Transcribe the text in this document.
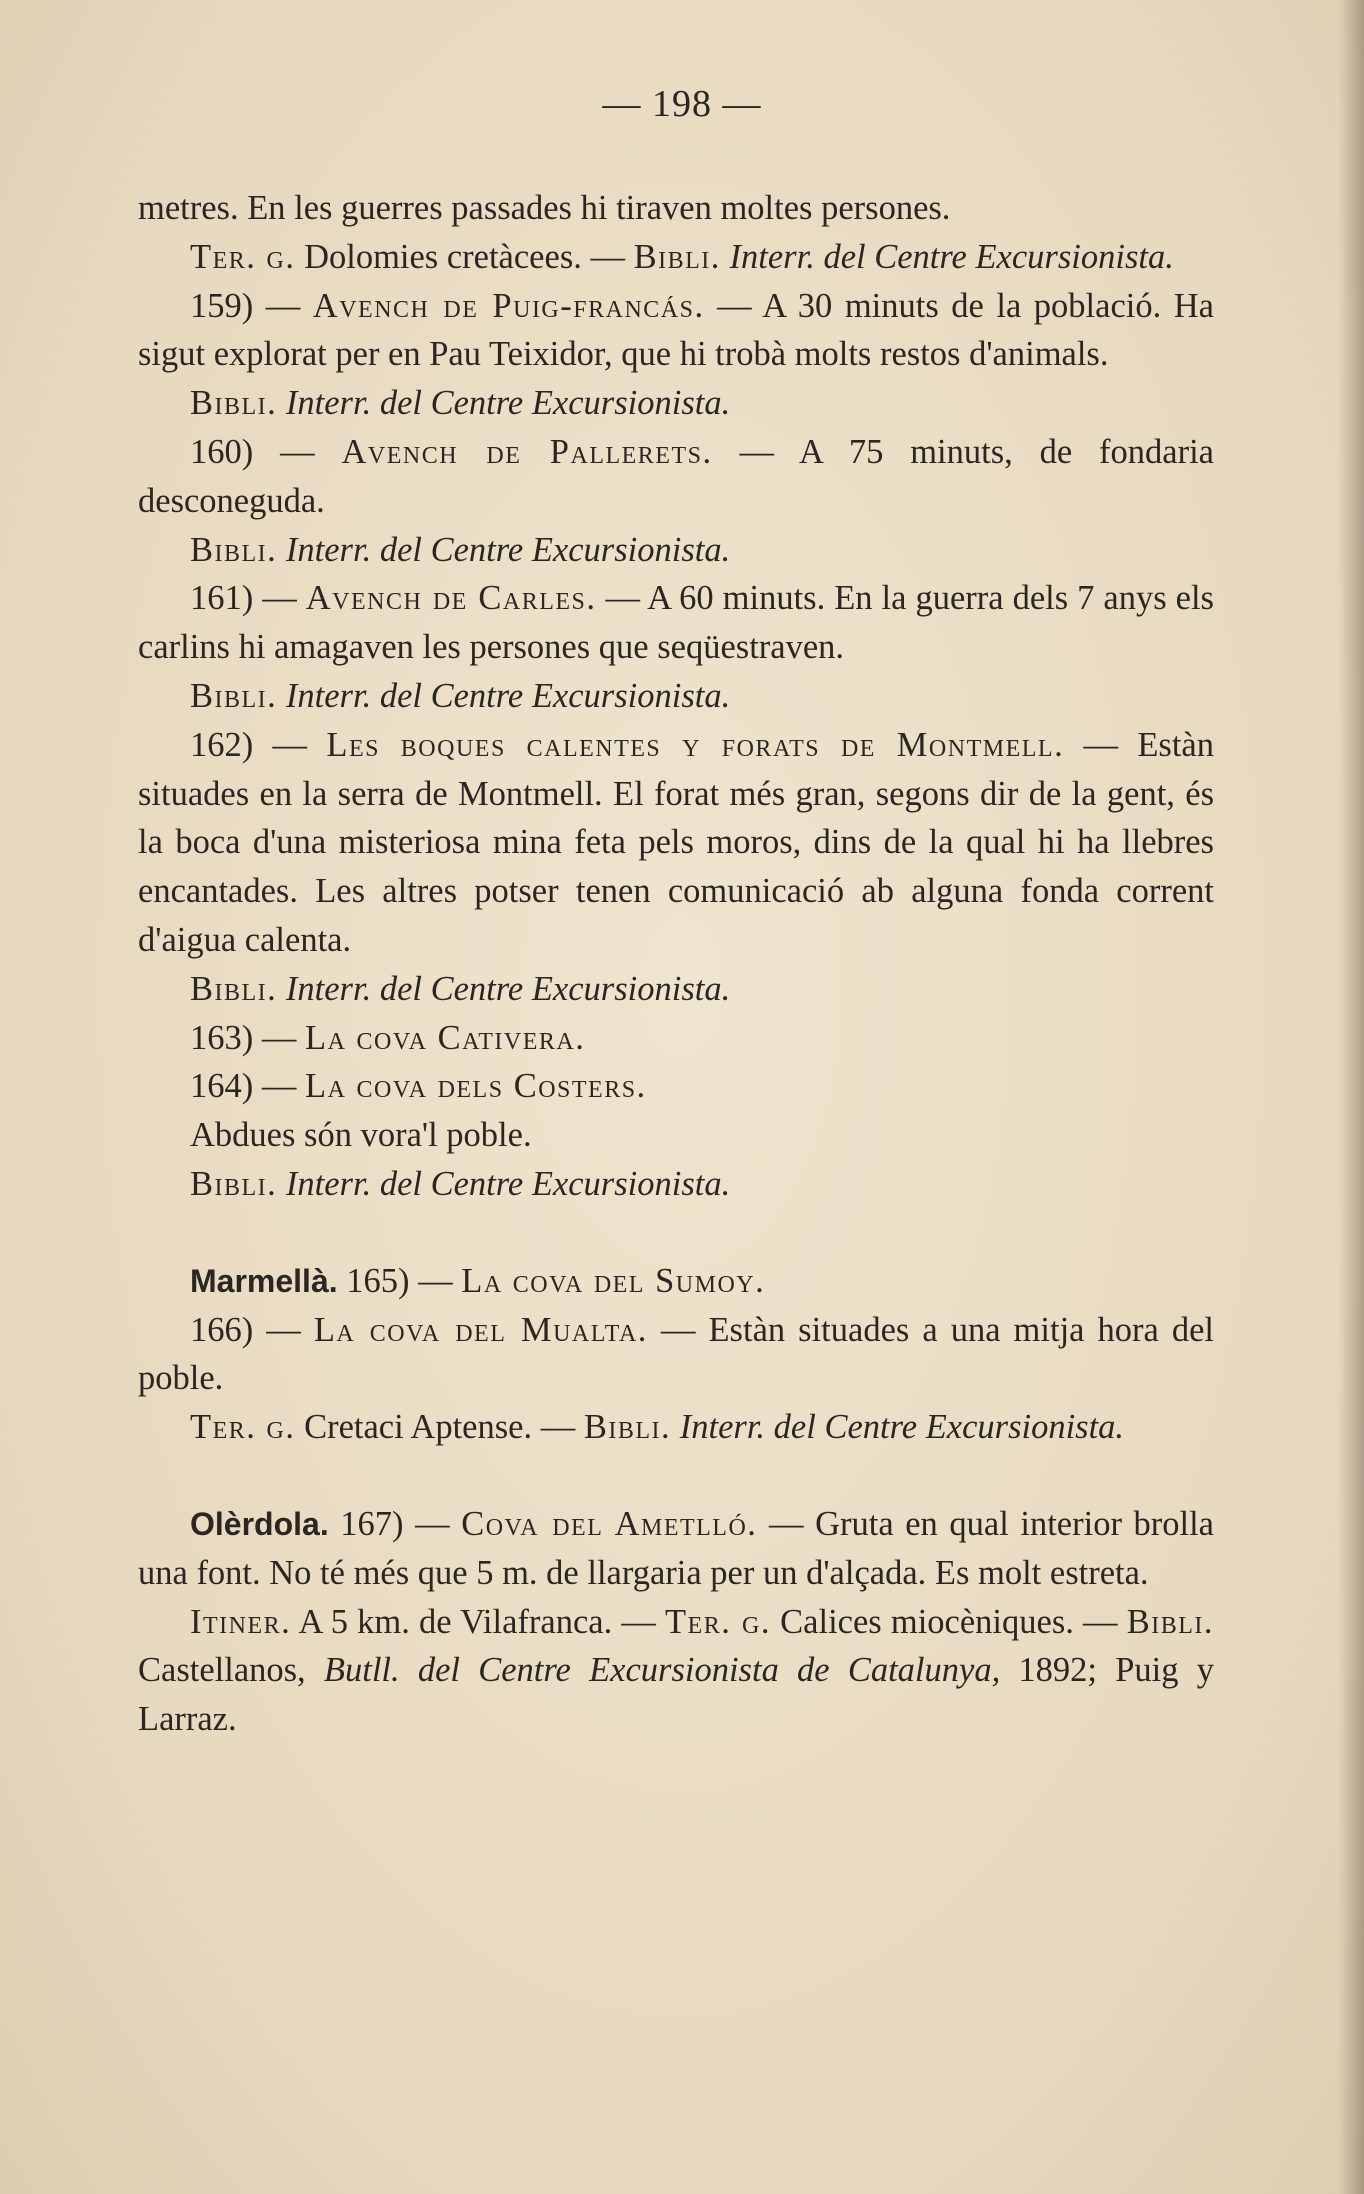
— 198 —

metres. En les guerres passades hi tiraven moltes persones.

Ter. g. Dolomies cretàcees. — Bibli. Interr. del Centre Excursionista.

159) — Avench de Puig-francás. — A 30 minuts de la població. Ha sigut explorat per en Pau Teixidor, que hi trobà molts restos d'animals.

Bibli. Interr. del Centre Excursionista.

160) — Avench de Pallerets. — A 75 minuts, de fondaria desconeguda.

Bibli. Interr. del Centre Excursionista.

161) — Avench de Carles. — A 60 minuts. En la guerra dels 7 anys els carlins hi amagaven les persones que seqüestraven.

Bibli. Interr. del Centre Excursionista.

162) — Les boques calentes y forats de Montmell. — Estàn situades en la serra de Montmell. El forat més gran, segons dir de la gent, és la boca d'una misteriosa mina feta pels moros, dins de la qual hi ha llebres encantades. Les altres potser tenen comunicació ab alguna fonda corrent d'aigua calenta.

Bibli. Interr. del Centre Excursionista.

163) — La cova Cativera.

164) — La cova dels Costers.

Abdues són vora'l poble.

Bibli. Interr. del Centre Excursionista.

Marmellà. 165) — La cova del Sumoy.

166) — La cova del Mualta. — Estàn situades a una mitja hora del poble.

Ter. g. Cretaci Aptense. — Bibli. Interr. del Centre Excursionista.

Olèrdola. 167) — Cova del Ametlló. — Gruta en qual interior brolla una font. No té més que 5 m. de llargaria per un d'alçada. Es molt estreta.

Itiner. A 5 km. de Vilafranca. — Ter. g. Calices miocèniques. — Bibli. Castellanos, Butll. del Centre Excursionista de Catalunya, 1892; Puig y Larraz.
